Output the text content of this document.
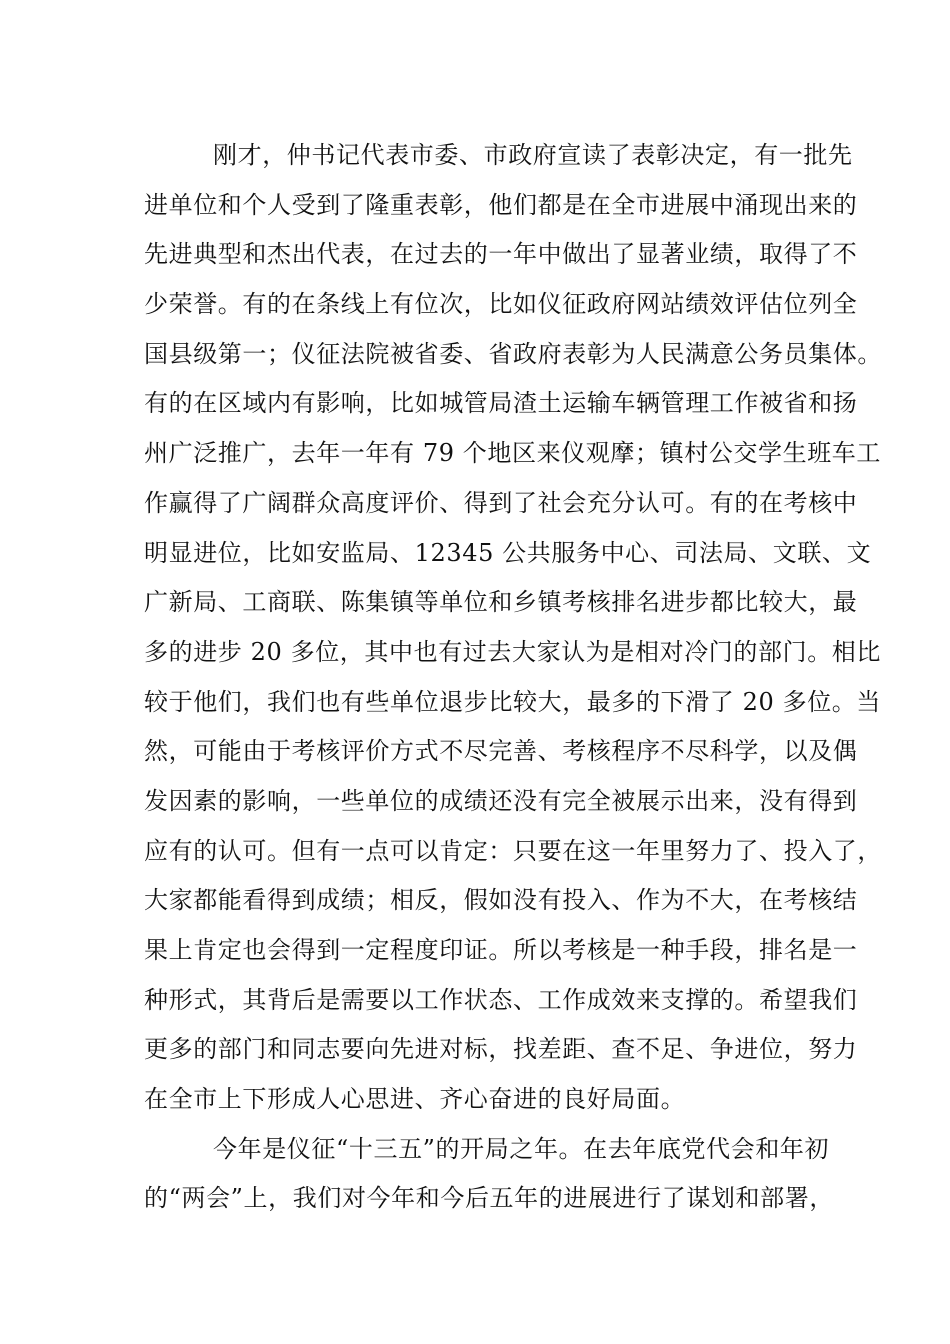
刚才，仲书记代表市委、市政府宣读了表彰决定，有一批先
进单位和个人受到了隆重表彰，他们都是在全市进展中涌现出来的
先进典型和杰出代表，在过去的一年中做出了显著业绩，取得了不
少荣誉。有的在条线上有位次，比如仪征政府网站绩效评估位列全
国县级第一；仪征法院被省委、省政府表彰为人民满意公务员集体。
有的在区域内有影响，比如城管局渣土运输车辆管理工作被省和扬
州广泛推广，去年一年有 79 个地区来仪观摩；镇村公交学生班车工
作赢得了广阔群众高度评价、得到了社会充分认可。有的在考核中
明显进位，比如安监局、12345 公共服务中心、司法局、文联、文
广新局、工商联、陈集镇等单位和乡镇考核排名进步都比较大，最
多的进步 20 多位，其中也有过去大家认为是相对冷门的部门。相比
较于他们，我们也有些单位退步比较大，最多的下滑了 20 多位。当
然，可能由于考核评价方式不尽完善、考核程序不尽科学，以及偶
发因素的影响，一些单位的成绩还没有完全被展示出来，没有得到
应有的认可。但有一点可以肯定：只要在这一年里努力了、投入了，
大家都能看得到成绩；相反，假如没有投入、作为不大，在考核结
果上肯定也会得到一定程度印证。所以考核是一种手段，排名是一
种形式，其背后是需要以工作状态、工作成效来支撑的。希望我们
更多的部门和同志要向先进对标，找差距、查不足、争进位，努力
在全市上下形成人心思进、齐心奋进的良好局面。
今年是仪征“十三五”的开局之年。在去年底党代会和年初
的“两会”上，我们对今年和今后五年的进展进行了谋划和部署，
